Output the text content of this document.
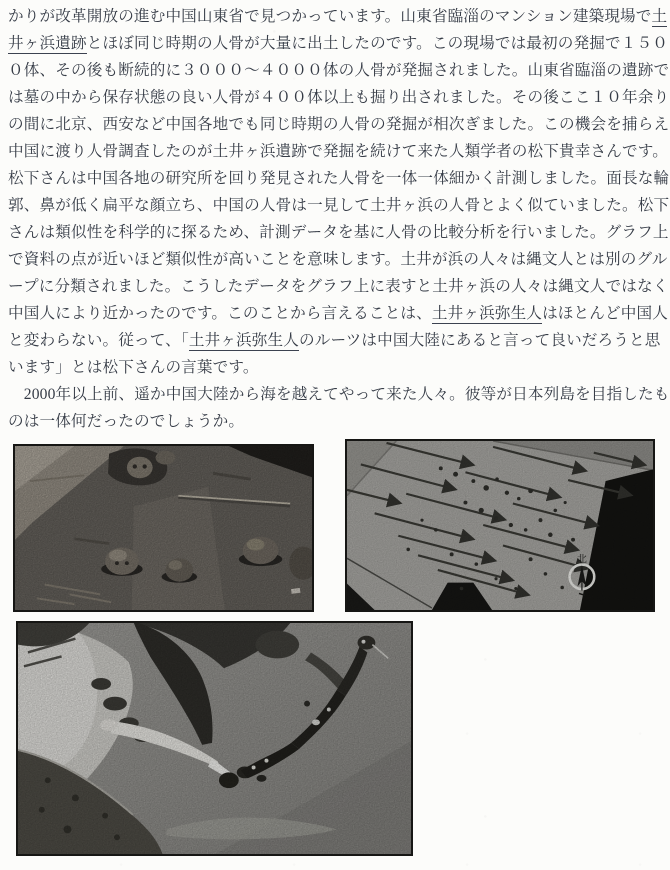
かりが改革開放の進む中国山東省で見つかっています。山東省臨淄のマンション建築現場で土
井ヶ浜遺跡とほぼ同じ時期の人骨が大量に出土したのです。この現場では最初の発掘で１５０
０体、その後も断続的に３０００～４０００体の人骨が発掘されました。山東省臨淄の遺跡で
は墓の中から保存状態の良い人骨が４００体以上も掘り出されました。その後ここ１０年余り
の間に北京、西安など中国各地でも同じ時期の人骨の発掘が相次ぎました。この機会を捕らえ
中国に渡り人骨調査したのが土井ヶ浜遺跡で発掘を続けて来た人類学者の松下貴幸さんです。
松下さんは中国各地の研究所を回り発見された人骨を一体一体細かく計測しました。面長な輪
郭、鼻が低く扁平な顔立ち、中国の人骨は一見して土井ヶ浜の人骨とよく似ていました。松下
さんは類似性を科学的に探るため、計測データを基に人骨の比較分析を行いました。グラフ上
で資料の点が近いほど類似性が高いことを意味します。土井が浜の人々は縄文人とは別のグル
ープに分類されました。こうしたデータをグラフ上に表すと土井ヶ浜の人々は縄文人ではなく
中国人により近かったのです。このことから言えることは、土井ヶ浜弥生人はほとんど中国人
と変わらない。従って、「土井ヶ浜弥生人のルーツは中国大陸にあると言って良いだろうと思
います」とは松下さんの言葉です。
　2000年以上前、遥か中国大陸から海を越えてやって来た人々。彼等が日本列島を目指したも
のは一体何だったのでしょうか。
北
